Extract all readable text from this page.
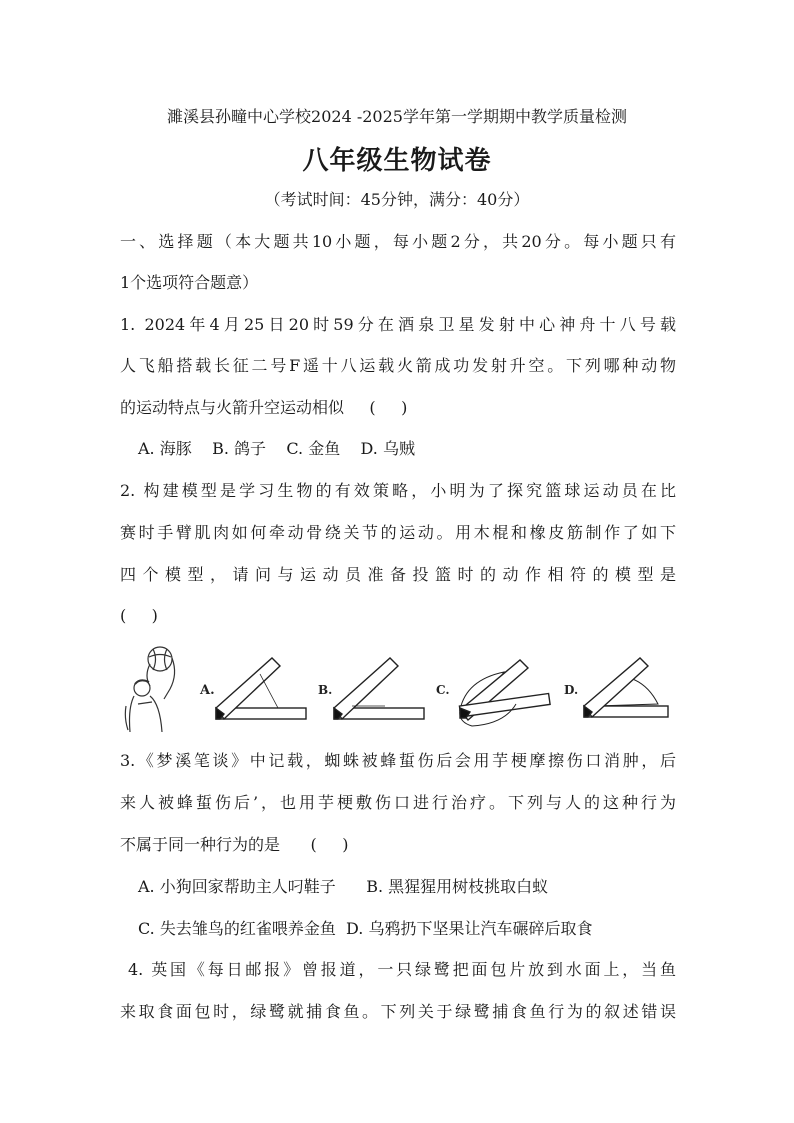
濉溪县孙疃中心学校2024 -2025学年第一学期期中教学质量检测
八年级生物试卷
（考试时间：45分钟，满分：40分）
一、选择题（本大题共10小题，每小题2分，共20分。每小题只有
1个选项符合题意）
1. 2024年4月25日20时59分在酒泉卫星发射中心神舟十八号载
人飞船搭载长征二号F遥十八运载火箭成功发射升空。下列哪种动物
的运动特点与火箭升空运动相似     (     )
A. 海豚    B. 鸽子    C. 金鱼    D. 乌贼
2. 构建模型是学习生物的有效策略，小明为了探究篮球运动员在比
赛时手臂肌肉如何牵动骨绕关节的运动。用木棍和橡皮筋制作了如下
四个模型，请问与运动员准备投篮时的动作相符的模型是
(     )
A.	B.	C.	D.
3.《梦溪笔谈》中记载，蜘蛛被蜂蜇伤后会用芋梗摩擦伤口消肿，后
来人被蜂蜇伤后’，也用芋梗敷伤口进行治疗。下列与人的这种行为
不属于同一种行为的是      (     )
A. 小狗回家帮助主人叼鞋子      B. 黑猩猩用树枝挑取白蚁
C. 失去雏鸟的红雀喂养金鱼  D. 乌鸦扔下坚果让汽车碾碎后取食
4. 英国《每日邮报》曾报道，一只绿鹭把面包片放到水面上，当鱼
来取食面包时，绿鹭就捕食鱼。下列关于绿鹭捕食鱼行为的叙述错误
